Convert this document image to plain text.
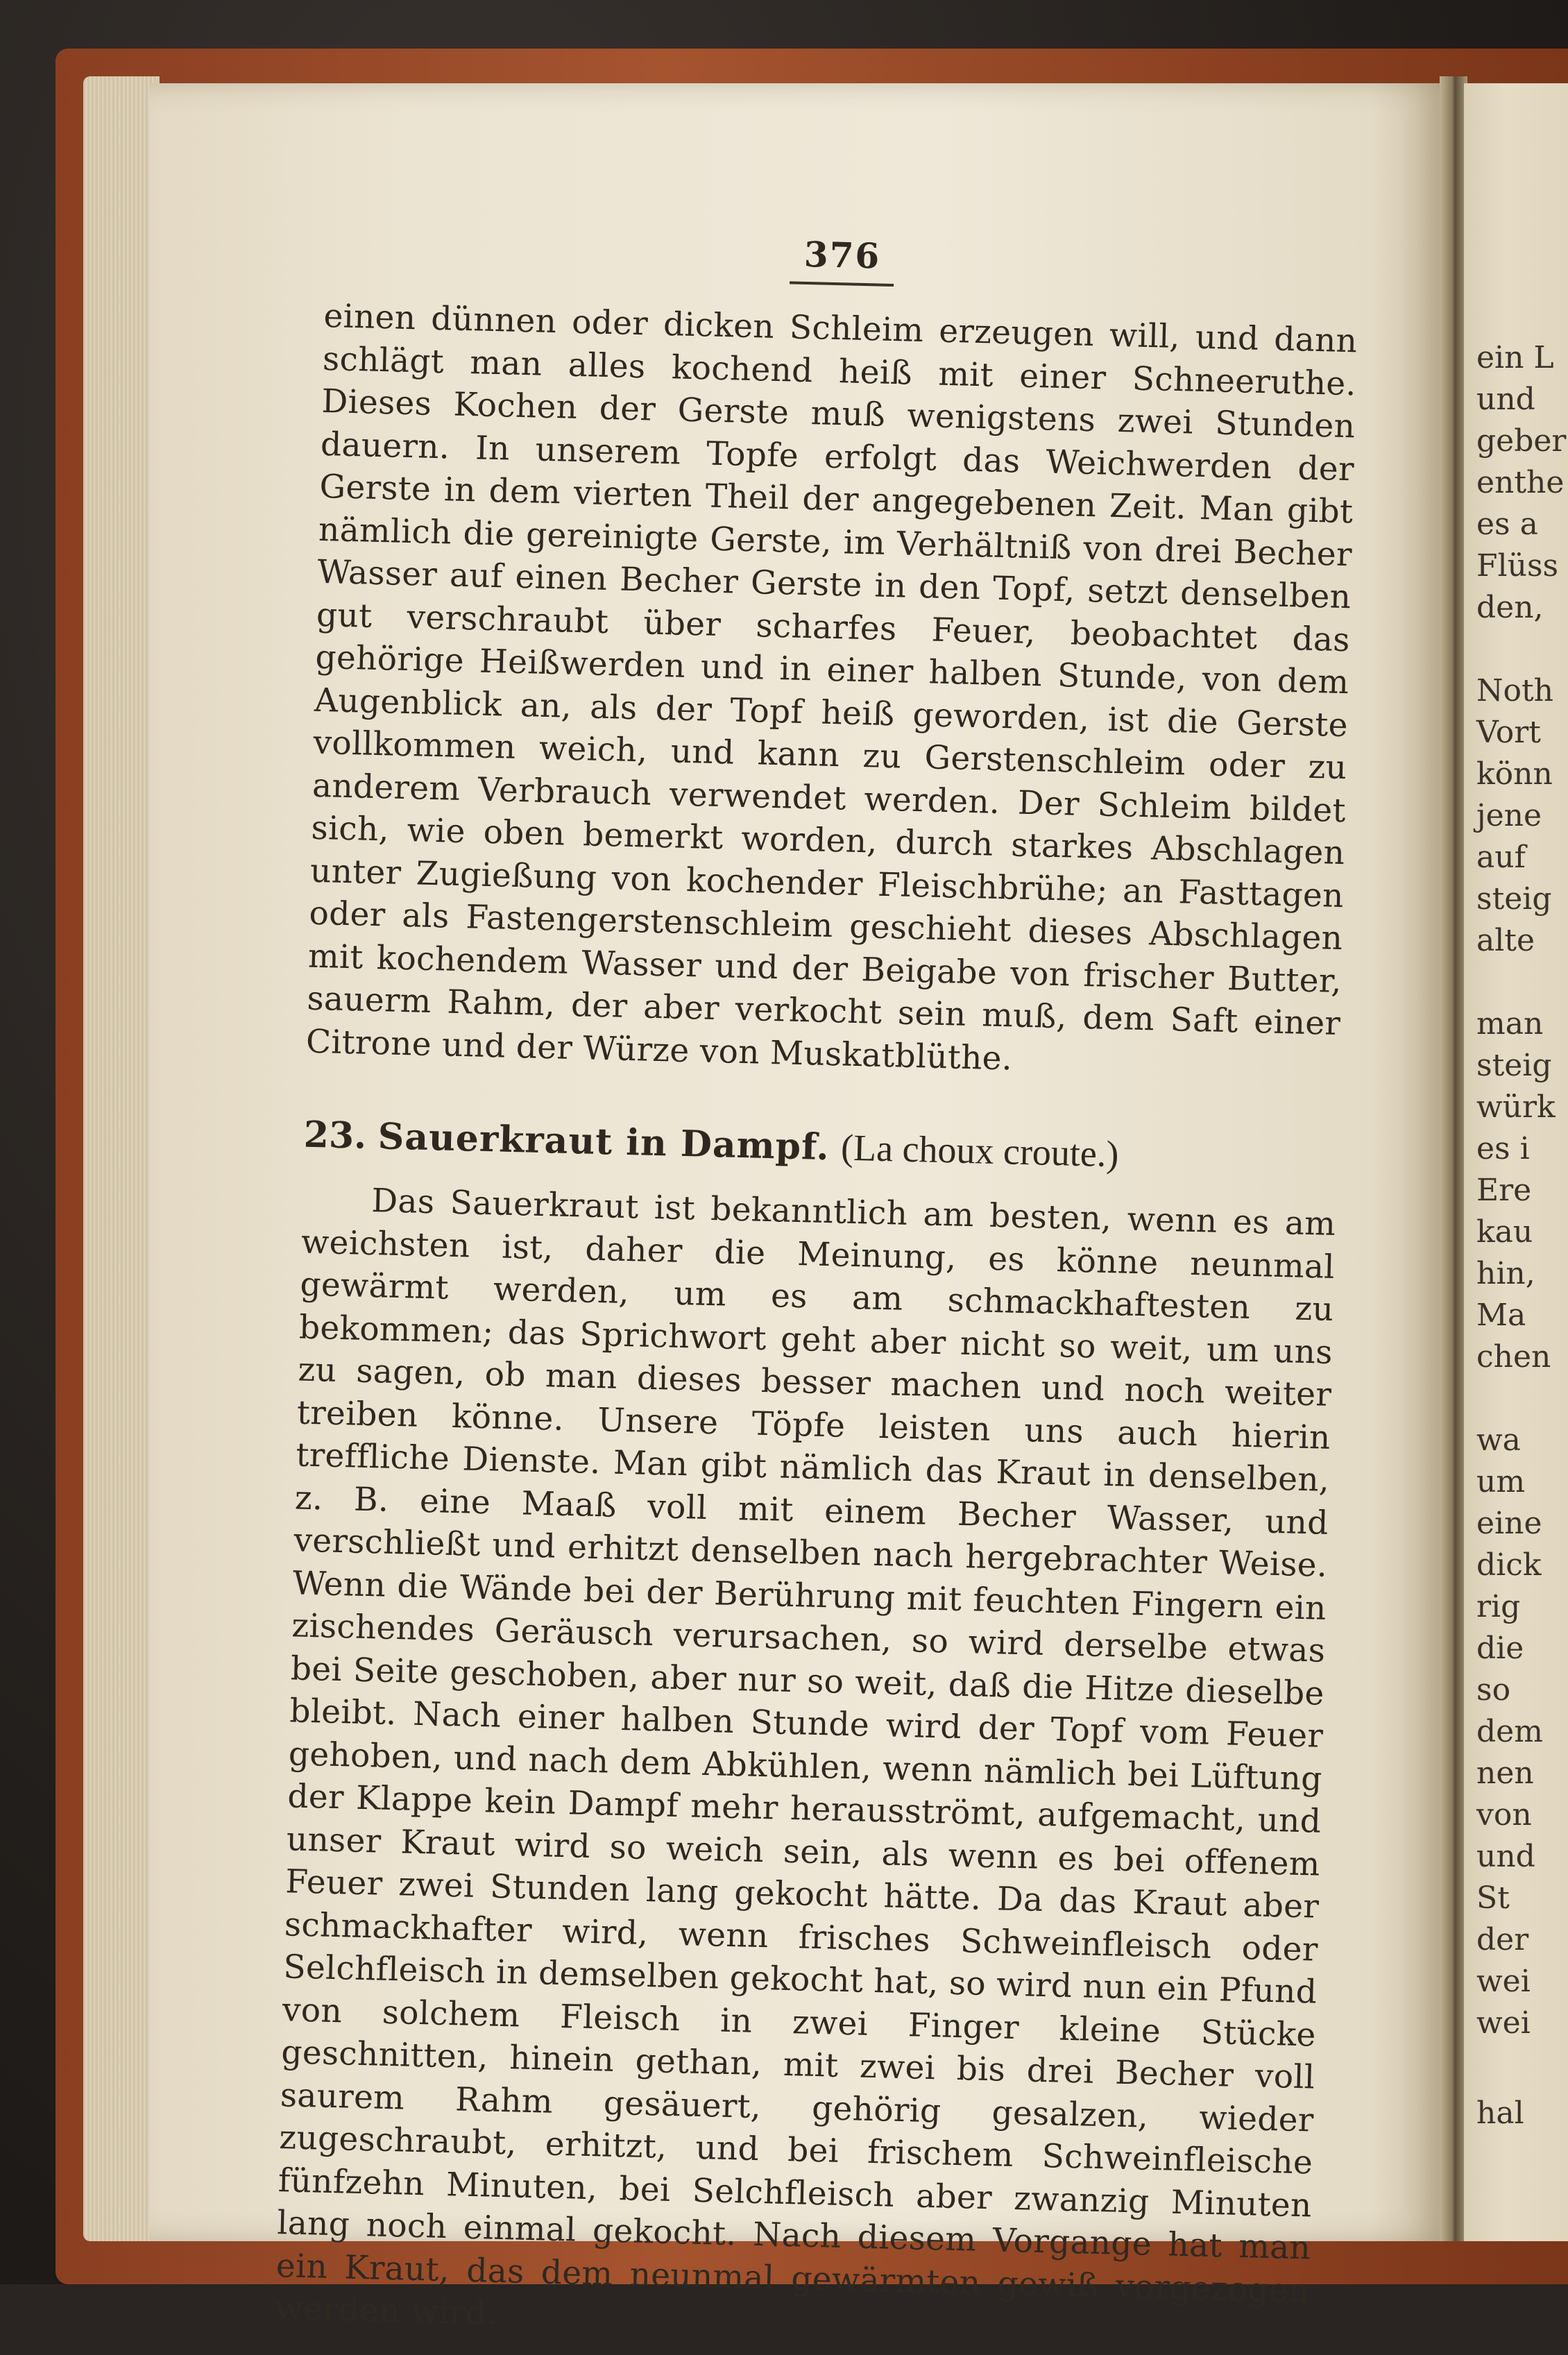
ein L
und
geber
enthe
es a
Flüss
den,
Noth
Vort
könn
jene
auf
steig
alte
man
steig
würk
es i
Ere
kau
hin,
Ma
chen
wa
um
eine
dick
rig
die
so
dem
nen
von
und
St
der
wei
wei
hal
376

einen dünnen oder dicken Schleim erzeugen will, und dann schlägt man alles kochend heiß mit einer Schneeruthe. Dieses Kochen der Gerste muß wenigstens zwei Stunden dauern. In unserem Topfe erfolgt das Weichwerden der Gerste in dem vierten Theil der angegebenen Zeit. Man gibt nämlich die gereinigte Gerste, im Verhältniß von drei Becher Wasser auf einen Becher Gerste in den Topf, setzt denselben gut verschraubt über scharfes Feuer, beobachtet das gehörige Heißwerden und in einer halben Stunde, von dem Augenblick an, als der Topf heiß geworden, ist die Gerste vollkommen weich, und kann zu Gerstenschleim oder zu anderem Verbrauch verwendet werden. Der Schleim bildet sich, wie oben bemerkt worden, durch starkes Abschlagen unter Zugießung von kochender Fleischbrühe; an Fasttagen oder als Fastengerstenschleim geschieht dieses Abschlagen mit kochendem Wasser und der Beigabe von frischer Butter, sauerm Rahm, der aber verkocht sein muß, dem Saft einer Citrone und der Würze von Muskatblüthe.

23. Sauerkraut in Dampf. (La choux croute.)

Das Sauerkraut ist bekanntlich am besten, wenn es am weichsten ist, daher die Meinung, es könne neunmal gewärmt werden, um es am schmackhaftesten zu bekommen; das Sprichwort geht aber nicht so weit, um uns zu sagen, ob man dieses besser machen und noch weiter treiben könne. Unsere Töpfe leisten uns auch hierin treffliche Dienste. Man gibt nämlich das Kraut in denselben, z. B. eine Maaß voll mit einem Becher Wasser, und verschließt und erhitzt denselben nach hergebrachter Weise. Wenn die Wände bei der Berührung mit feuchten Fingern ein zischendes Geräusch verursachen, so wird derselbe etwas bei Seite geschoben, aber nur so weit, daß die Hitze dieselbe bleibt. Nach einer halben Stunde wird der Topf vom Feuer gehoben, und nach dem Abkühlen, wenn nämlich bei Lüftung der Klappe kein Dampf mehr herausströmt, aufgemacht, und unser Kraut wird so weich sein, als wenn es bei offenem Feuer zwei Stunden lang gekocht hätte. Da das Kraut aber schmackhafter wird, wenn frisches Schweinfleisch oder Selchfleisch in demselben gekocht hat, so wird nun ein Pfund von solchem Fleisch in zwei Finger kleine Stücke geschnitten, hinein gethan, mit zwei bis drei Becher voll saurem Rahm gesäuert, gehörig gesalzen, wieder zugeschraubt, erhitzt, und bei frischem Schweinfleische fünfzehn Minuten, bei Selchfleisch aber zwanzig Minuten lang noch einmal gekocht. Nach diesem Vorgange hat man ein Kraut, das dem neunmal gewärmten gewiß vorgezogen werden wird.
